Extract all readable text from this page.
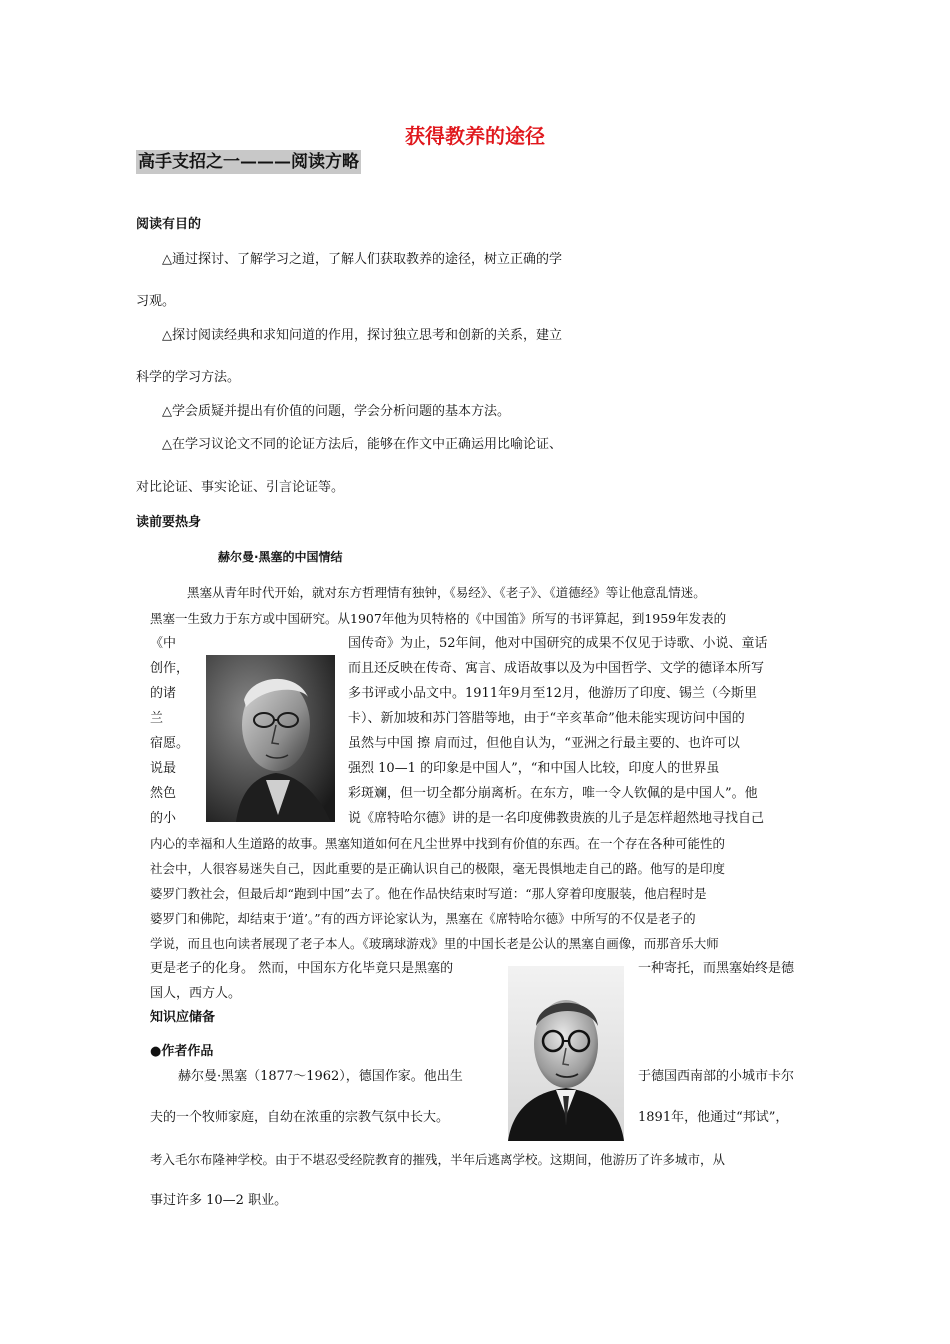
获得教养的途径
高手支招之一———阅读方略
阅读有目的
△通过探讨、了解学习之道，了解人们获取教养的途径，树立正确的学
习观。
△探讨阅读经典和求知问道的作用，探讨独立思考和创新的关系，建立
科学的学习方法。
△学会质疑并提出有价值的问题，学会分析问题的基本方法。
△在学习议论文不同的论证方法后，能够在作文中正确运用比喻论证、
对比论证、事实论证、引言论证等。
读前要热身
赫尔曼·黑塞的中国情结
黑塞从青年时代开始，就对东方哲理情有独钟，《易经》、《老子》、《道德经》等让他意乱情迷。
黑塞一生致力于东方或中国研究。从1907年他为贝特格的《中国笛》所写的书评算起，到1959年发表的
《中
创作，
的诸
兰
宿愿。
说最
然色
的小
国传奇》为止，52年间，他对中国研究的成果不仅见于诗歌、小说、童话
而且还反映在传奇、寓言、成语故事以及为中国哲学、文学的德译本所写
多书评或小品文中。1911年9月至12月，他游历了印度、锡兰（今斯里
卡）、新加坡和苏门答腊等地，由于“辛亥革命”他未能实现访问中国的
虽然与中国 擦 肩而过，但他自认为，“亚洲之行最主要的、也许可以
强烈 10—1 的印象是中国人”，“和中国人比较，印度人的世界虽
彩斑斓，但一切全都分崩离析。在东方，唯一令人钦佩的是中国人”。他
说《席特哈尔德》讲的是一名印度佛教贵族的儿子是怎样超然地寻找自己
内心的幸福和人生道路的故事。黑塞知道如何在凡尘世界中找到有价值的东西。在一个存在各种可能性的
社会中，人很容易迷失自己，因此重要的是正确认识自己的极限，毫无畏惧地走自己的路。他写的是印度
婆罗门教社会，但最后却“跑到中国”去了。他在作品快结束时写道：“那人穿着印度服装，他启程时是
婆罗门和佛陀，却结束于‘道’。”有的西方评论家认为，黑塞在《席特哈尔德》中所写的不仅是老子的
学说，而且也向读者展现了老子本人。《玻璃球游戏》里的中国长老是公认的黑塞自画像，而那音乐大师
更是老子的化身。 然而，中国东方化毕竟只是黑塞的	一种寄托，而黑塞始终是德
国人，西方人。
知识应储备
●作者作品
赫尔曼·黑塞（1877～1962），德国作家。他出生	于德国西南部的小城市卡尔
夫的一个牧师家庭，自幼在浓重的宗教气氛中长大。	1891年，他通过“邦试”，
考入毛尔布隆神学校。由于不堪忍受经院教育的摧残，半年后逃离学校。这期间，他游历了许多城市，从
事过许多 10—2 职业。
